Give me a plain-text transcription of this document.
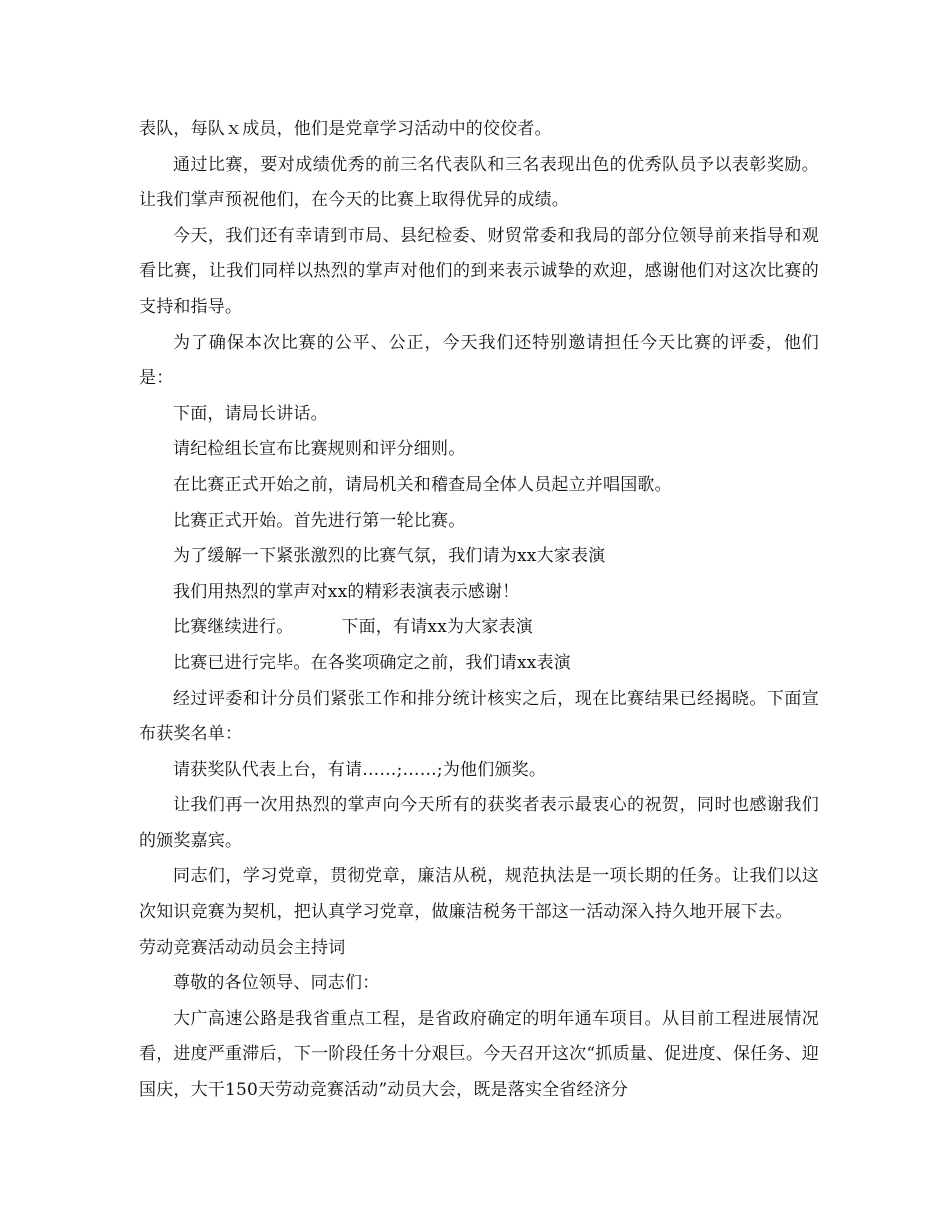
表队，每队ｘ成员，他们是党章学习活动中的佼佼者。

通过比赛，要对成绩优秀的前三名代表队和三名表现出色的优秀队员予以表彰奖励。让我们掌声预祝他们，在今天的比赛上取得优异的成绩。

今天，我们还有幸请到市局、县纪检委、财贸常委和我局的部分位领导前来指导和观看比赛，让我们同样以热烈的掌声对他们的到来表示诚挚的欢迎，感谢他们对这次比赛的支持和指导。

为了确保本次比赛的公平、公正，今天我们还特别邀请担任今天比赛的评委，他们是：

下面，请局长讲话。

请纪检组长宣布比赛规则和评分细则。

在比赛正式开始之前，请局机关和稽查局全体人员起立并唱国歌。

比赛正式开始。首先进行第一轮比赛。

为了缓解一下紧张激烈的比赛气氛，我们请为xx大家表演

我们用热烈的掌声对xx的精彩表演表示感谢！

比赛继续进行。	下面，有请xx为大家表演

比赛已进行完毕。在各奖项确定之前，我们请xx表演

经过评委和计分员们紧张工作和排分统计核实之后，现在比赛结果已经揭晓。下面宣布获奖名单：

请获奖队代表上台，有请……;……;为他们颁奖。

让我们再一次用热烈的掌声向今天所有的获奖者表示最衷心的祝贺，同时也感谢我们的颁奖嘉宾。

同志们，学习党章，贯彻党章，廉洁从税，规范执法是一项长期的任务。让我们以这次知识竞赛为契机，把认真学习党章，做廉洁税务干部这一活动深入持久地开展下去。

劳动竞赛活动动员会主持词

尊敬的各位领导、同志们：

大广高速公路是我省重点工程，是省政府确定的明年通车项目。从目前工程进展情况看，进度严重滞后，下一阶段任务十分艰巨。今天召开这次“抓质量、促进度、保任务、迎国庆，大干150天劳动竞赛活动”动员大会，既是落实全省经济分
